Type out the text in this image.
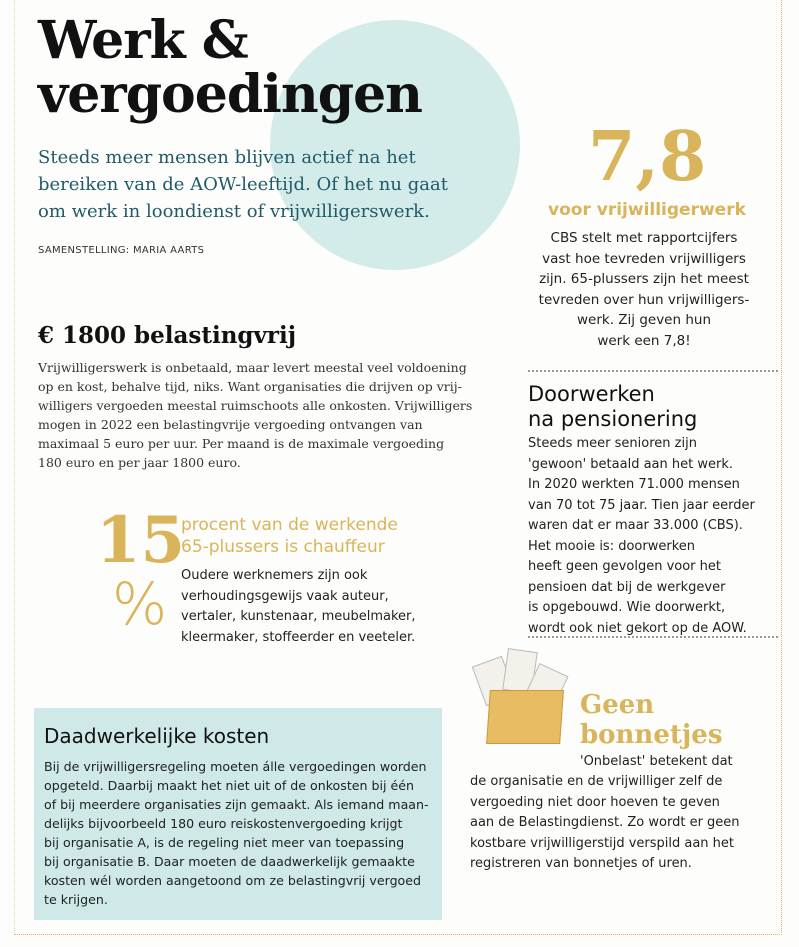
Werk &
vergoedingen
Steeds meer mensen blijven actief na het
bereiken van de AOW-leeftijd. Of het nu gaat
om werk in loondienst of vrijwilligerswerk.
SAMENSTELLING: MARIA AARTS
7,8
voor vrijwilligerwerk
CBS stelt met rapportcijfers
vast hoe tevreden vrijwilligers
zijn. 65-plussers zijn het meest
tevreden over hun vrijwilligers-
werk. Zij geven hun
werk een 7,8!
€ 1800 belastingvrij
Vrijwilligerswerk is onbetaald, maar levert meestal veel voldoening
op en kost, behalve tijd, niks. Want organisaties die drijven op vrij-
willigers vergoeden meestal ruimschoots alle onkosten. Vrijwilligers
mogen in 2022 een belastingvrije vergoeding ontvangen van
maximaal 5 euro per uur. Per maand is de maximale vergoeding
180 euro en per jaar 1800 euro.
Doorwerken
na pensionering
Steeds meer senioren zijn
'gewoon' betaald aan het werk.
In 2020 werkten 71.000 mensen
van 70 tot 75 jaar. Tien jaar eerder
waren dat er maar 33.000 (CBS).
Het mooie is: doorwerken
heeft geen gevolgen voor het
pensioen dat bij de werkgever
is opgebouwd. Wie doorwerkt,
wordt ook niet gekort op de AOW.
15
%
procent van de werkende
65-plussers is chauffeur
Oudere werknemers zijn ook
verhoudingsgewijs vaak auteur,
vertaler, kunstenaar, meubelmaker,
kleermaker, stoffeerder en veeteler.
Daadwerkelijke kosten
Bij de vrijwilligersregeling moeten álle vergoedingen worden
opgeteld. Daarbij maakt het niet uit of de onkosten bij één
of bij meerdere organisaties zijn gemaakt. Als iemand maan-
delijks bijvoorbeeld 180 euro reiskostenvergoeding krijgt
bij organisatie A, is de regeling niet meer van toepassing
bij organisatie B. Daar moeten de daadwerkelijk gemaakte
kosten wél worden aangetoond om ze belastingvrij vergoed
te krijgen.
Geen
bonnetjes
'Onbelast' betekent dat
de organisatie en de vrijwilliger zelf de
vergoeding niet door hoeven te geven
aan de Belastingdienst. Zo wordt er geen
kostbare vrijwilligerstijd verspild aan het
registreren van bonnetjes of uren.
